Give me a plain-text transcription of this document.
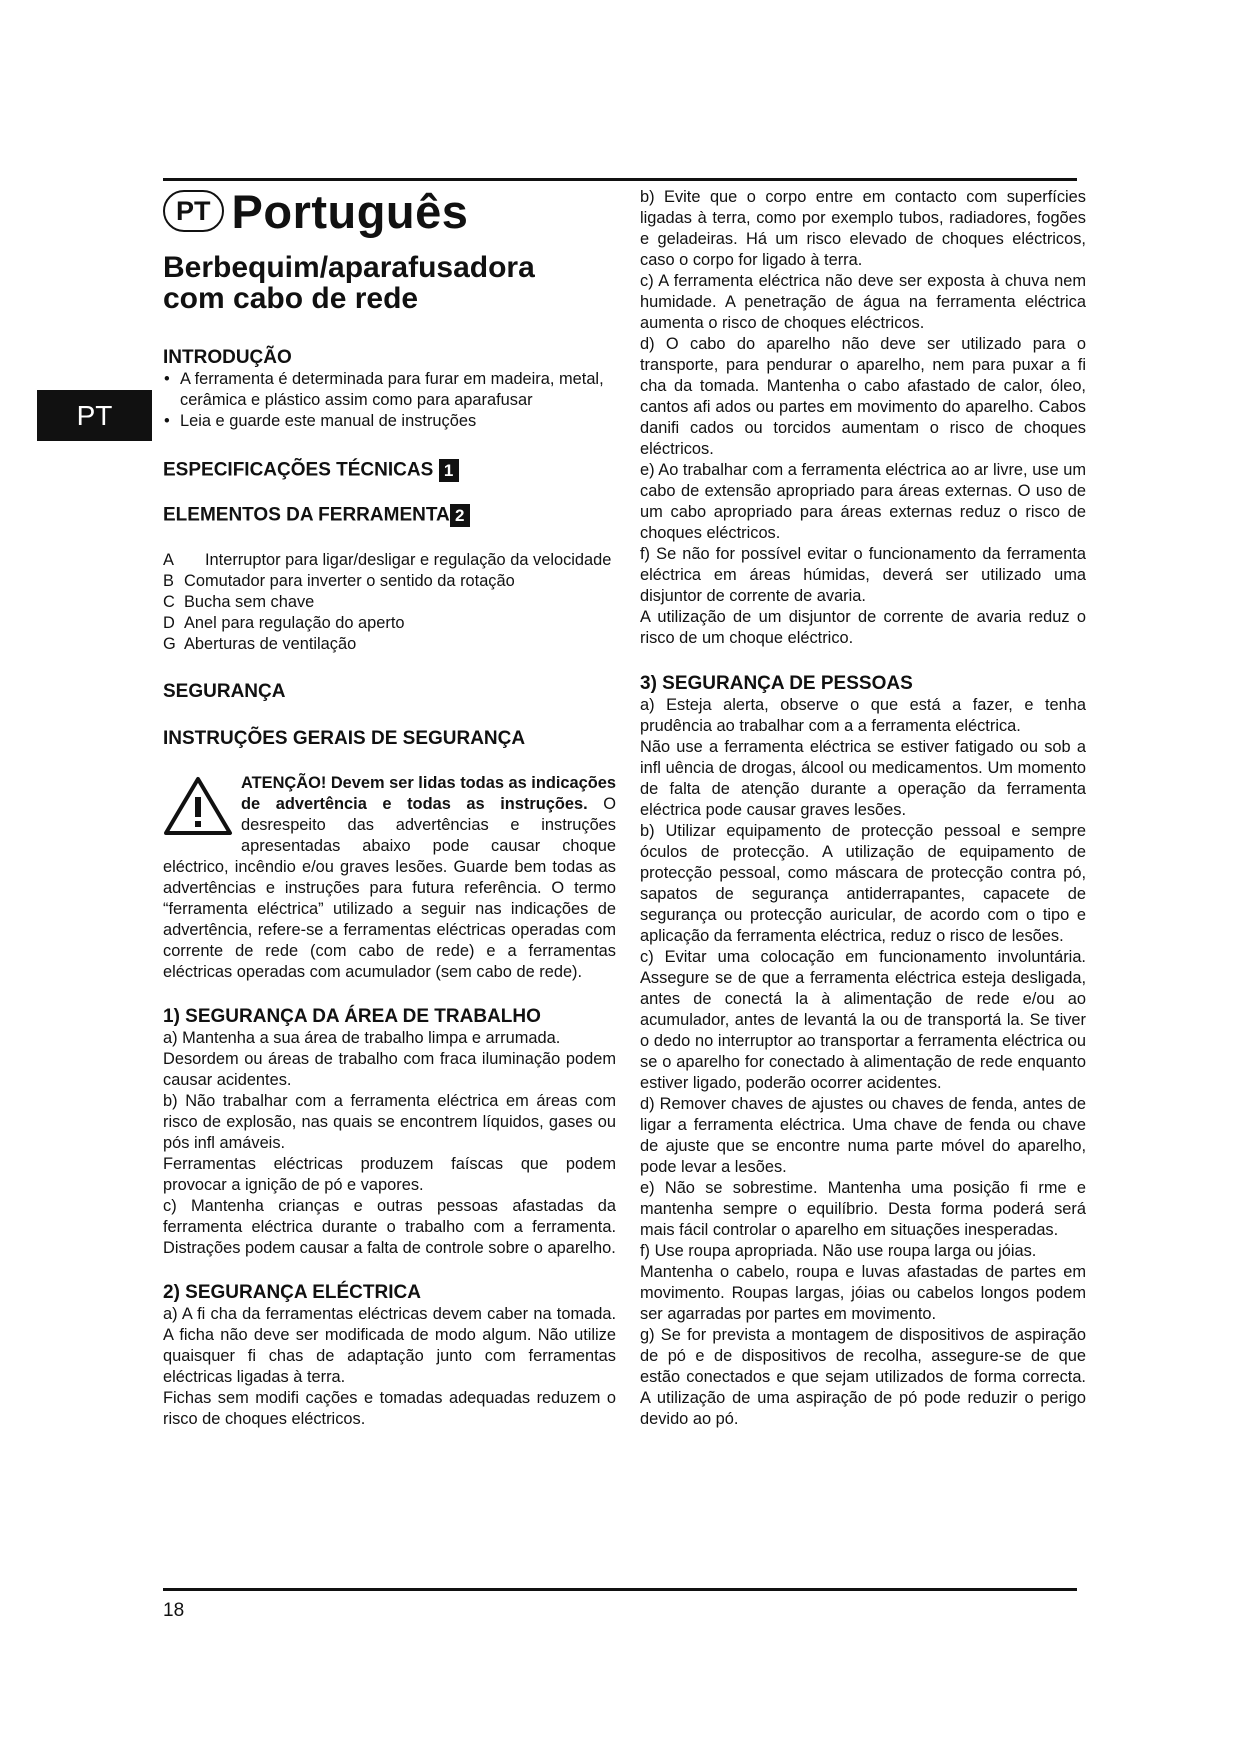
PT
PT Português
Berbequim/aparafusadora
com cabo de rede
INTRODUÇÃO
• A ferramenta é determinada para furar em madeira, metal, cerâmica e plástico assim como para aparafusar
• Leia e guarde este manual de instruções
ESPECIFICAÇÕES TÉCNICAS 1
ELEMENTOS DA FERRAMENTA 2
A	Interruptor para ligar/desligar e regulação da velocidade
B Comutador para inverter o sentido da rotação
C Bucha sem chave
D Anel para regulação do aperto
G Aberturas de ventilação
SEGURANÇA
INSTRUÇÕES GERAIS DE SEGURANÇA
ATENÇÃO! Devem ser lidas todas as indicações de advertência e todas as instruções. O desrespeito das advertências e instruções apresentadas abaixo pode causar choque eléctrico, incêndio e/ou graves lesões. Guarde bem todas as advertências e instruções para futura referência. O termo “ferramenta eléctrica” utilizado a seguir nas indicações de advertência, refere-se a ferramentas eléctricas operadas com corrente de rede (com cabo de rede) e a ferramentas eléctricas operadas com acumulador (sem cabo de rede).
1) SEGURANÇA DA ÁREA DE TRABALHO

a) Mantenha a sua área de trabalho limpa e arrumada.

Desordem ou áreas de trabalho com fraca iluminação podem causar acidentes.

b) Não trabalhar com a ferramenta eléctrica em áreas com risco de explosão, nas quais se encontrem líquidos, gases ou pós infl amáveis.

Ferramentas eléctricas produzem faíscas que podem provocar a ignição de pó e vapores.

c) Mantenha crianças e outras pessoas afastadas da ferramenta eléctrica durante o trabalho com a ferramenta. Distrações podem causar a falta de controle sobre o aparelho.

2) SEGURANÇA ELÉCTRICA

a) A fi cha da ferramentas eléctricas devem caber na tomada. A ficha não deve ser modificada de modo algum. Não utilize quaisquer fi chas de adaptação junto com ferramentas eléctricas ligadas à terra.

Fichas sem modifi cações e tomadas adequadas reduzem o risco de choques eléctricos.

b) Evite que o corpo entre em contacto com superfícies ligadas à terra, como por exemplo tubos, radiadores, fogões e geladeiras. Há um risco elevado de choques eléctricos, caso o corpo for ligado à terra.

c) A ferramenta eléctrica não deve ser exposta à chuva nem humidade. A penetração de água na ferramenta eléctrica aumenta o risco de choques eléctricos.

d) O cabo do aparelho não deve ser utilizado para o transporte, para pendurar o aparelho, nem para puxar a fi cha da tomada. Mantenha o cabo afastado de calor, óleo, cantos afi ados ou partes em movimento do aparelho. Cabos danifi cados ou torcidos aumentam o risco de choques eléctricos.

e) Ao trabalhar com a ferramenta eléctrica ao ar livre, use um cabo de extensão apropriado para áreas externas. O uso de um cabo apropriado para áreas externas reduz o risco de choques eléctricos.

f) Se não for possível evitar o funcionamento da ferramenta eléctrica em áreas húmidas, deverá ser utilizado uma disjuntor de corrente de avaria.

A utilização de um disjuntor de corrente de avaria reduz o risco de um choque eléctrico.

3) SEGURANÇA DE PESSOAS

a) Esteja alerta, observe o que está a fazer, e tenha prudência ao trabalhar com a a ferramenta eléctrica.

Não use a ferramenta eléctrica se estiver fatigado ou sob a infl uência de drogas, álcool ou medicamentos. Um momento de falta de atenção durante a operação da ferramenta eléctrica pode causar graves lesões.

b) Utilizar equipamento de protecção pessoal e sempre óculos de protecção. A utilização de equipamento de protecção pessoal, como máscara de protecção contra pó, sapatos de segurança antiderrapantes, capacete de segurança ou protecção auricular, de acordo com o tipo e aplicação da ferramenta eléctrica, reduz o risco de lesões.

c) Evitar uma colocação em funcionamento involuntária. Assegure se de que a ferramenta eléctrica esteja desligada, antes de conectá la à alimentação de rede e/ou ao acumulador, antes de levantá la ou de transportá la. Se tiver o dedo no interruptor ao transportar a ferramenta eléctrica ou se o aparelho for conectado à alimentação de rede enquanto estiver ligado, poderão ocorrer acidentes.

d) Remover chaves de ajustes ou chaves de fenda, antes de ligar a ferramenta eléctrica. Uma chave de fenda ou chave de ajuste que se encontre numa parte móvel do aparelho, pode levar a lesões.

e) Não se sobrestime. Mantenha uma posição fi rme e mantenha sempre o equilíbrio. Desta forma poderá será mais fácil controlar o aparelho em situações inesperadas.

f) Use roupa apropriada. Não use roupa larga ou jóias.

Mantenha o cabelo, roupa e luvas afastadas de partes em movimento. Roupas largas, jóias ou cabelos longos podem ser agarradas por partes em movimento.

g) Se for prevista a montagem de dispositivos de aspiração de pó e de dispositivos de recolha, assegure-se de que estão conectados e que sejam utilizados de forma correcta. A utilização de uma aspiração de pó pode reduzir o perigo devido ao pó.

18
